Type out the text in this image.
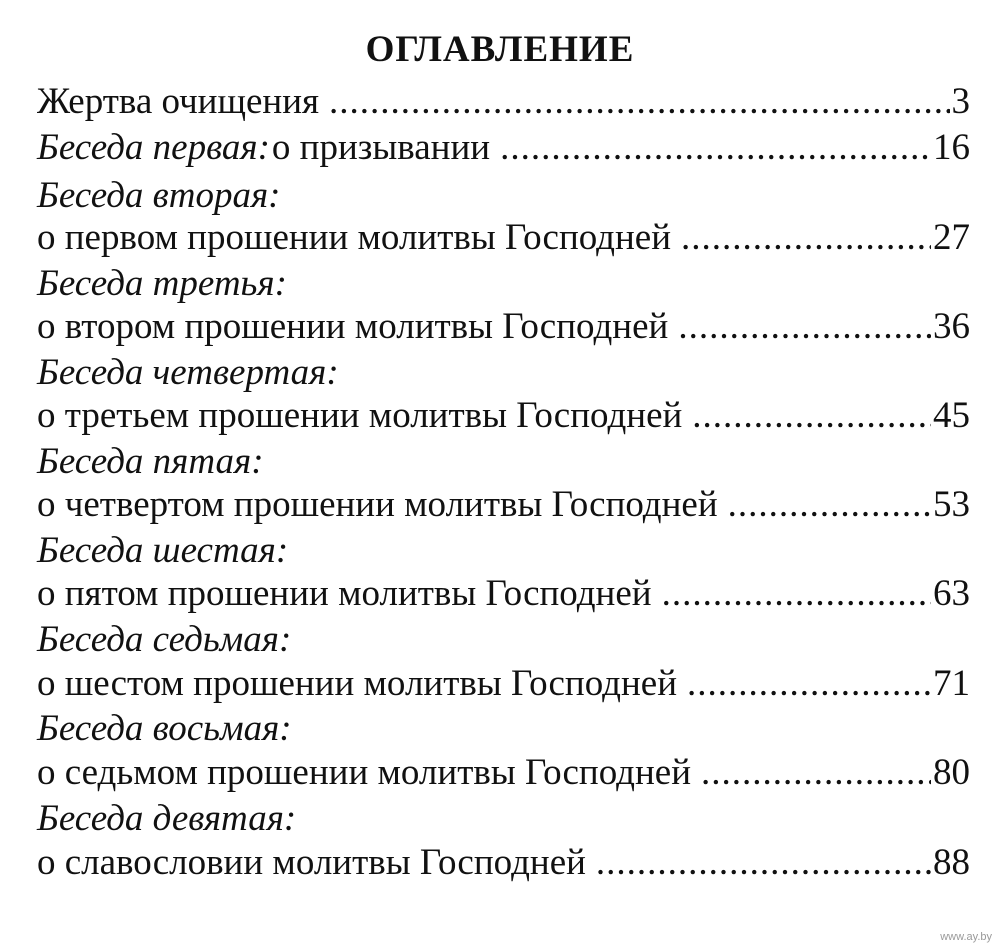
ОГЛАВЛЕНИЕ
Жертва очищения .....	3
Беседа первая: о призывании .....	16
Беседа вторая:
о первом прошении молитвы Господней .....	27
Беседа третья:
о втором прошении молитвы Господней .....	36
Беседа четвертая:
о третьем прошении молитвы Господней .....	45
Беседа пятая:
о четвертом прошении молитвы Господней .....	53
Беседа шестая:
о пятом прошении молитвы Господней .....	63
Беседа седьмая:
о шестом прошении молитвы Господней .....	71
Беседа восьмая:
о седьмом прошении молитвы Господней .....	80
Беседа девятая:
о славословии молитвы Господней .....	88
www.ay.by
